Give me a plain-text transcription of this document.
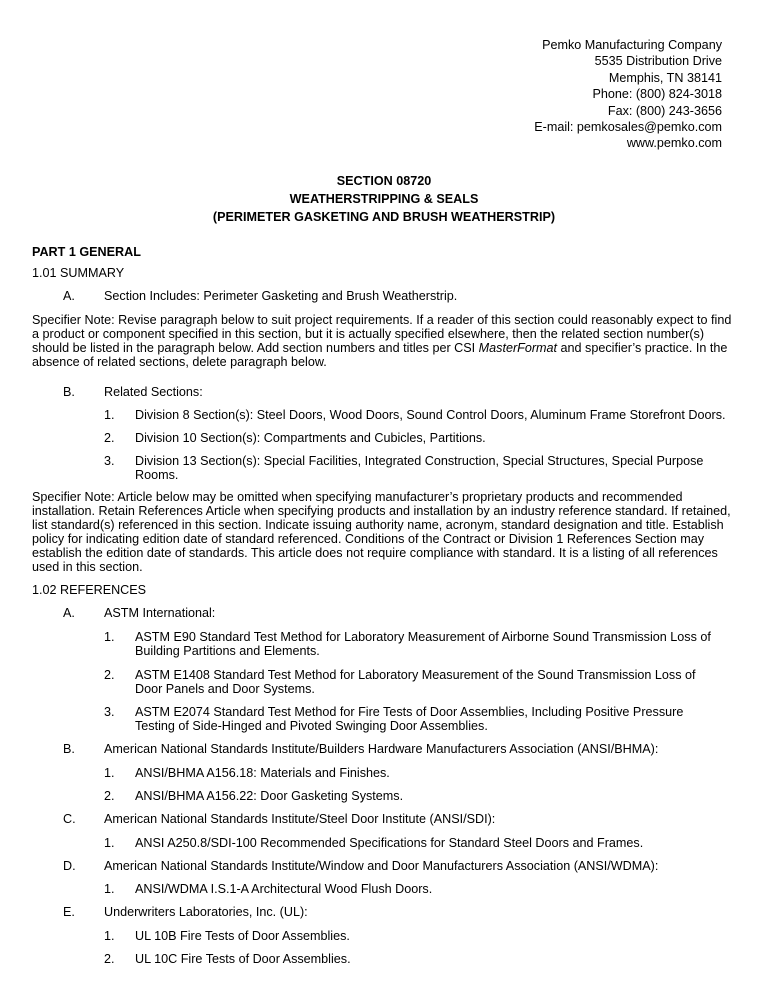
Pemko Manufacturing Company
5535 Distribution Drive
Memphis, TN 38141
Phone: (800) 824-3018
Fax: (800) 243-3656
E-mail: pemkosales@pemko.com
www.pemko.com
SECTION 08720
WEATHERSTRIPPING & SEALS
(PERIMETER GASKETING AND BRUSH WEATHERSTRIP)
PART 1 GENERAL
1.01 SUMMARY
A. Section Includes: Perimeter Gasketing and Brush Weatherstrip.
Specifier Note: Revise paragraph below to suit project requirements. If a reader of this section could reasonably expect to find a product or component specified in this section, but it is actually specified elsewhere, then the related section number(s) should be listed in the paragraph below. Add section numbers and titles per CSI MasterFormat and specifier’s practice. In the absence of related sections, delete paragraph below.
B. Related Sections:
1. Division 8 Section(s): Steel Doors, Wood Doors, Sound Control Doors, Aluminum Frame Storefront Doors.
2. Division 10 Section(s): Compartments and Cubicles, Partitions.
3. Division 13 Section(s): Special Facilities, Integrated Construction, Special Structures, Special Purpose Rooms.
Specifier Note: Article below may be omitted when specifying manufacturer’s proprietary products and recommended installation. Retain References Article when specifying products and installation by an industry reference standard. If retained, list standard(s) referenced in this section. Indicate issuing authority name, acronym, standard designation and title. Establish policy for indicating edition date of standard referenced. Conditions of the Contract or Division 1 References Section may establish the edition date of standards. This article does not require compliance with standard. It is a listing of all references used in this section.
1.02 REFERENCES
A. ASTM International:
1. ASTM E90 Standard Test Method for Laboratory Measurement of Airborne Sound Transmission Loss of Building Partitions and Elements.
2. ASTM E1408 Standard Test Method for Laboratory Measurement of the Sound Transmission Loss of Door Panels and Door Systems.
3. ASTM E2074 Standard Test Method for Fire Tests of Door Assemblies, Including Positive Pressure Testing of Side-Hinged and Pivoted Swinging Door Assemblies.
B. American National Standards Institute/Builders Hardware Manufacturers Association (ANSI/BHMA):
1. ANSI/BHMA A156.18: Materials and Finishes.
2. ANSI/BHMA A156.22: Door Gasketing Systems.
C. American National Standards Institute/Steel Door Institute (ANSI/SDI):
1. ANSI A250.8/SDI-100 Recommended Specifications for Standard Steel Doors and Frames.
D. American National Standards Institute/Window and Door Manufacturers Association (ANSI/WDMA):
1. ANSI/WDMA I.S.1-A Architectural Wood Flush Doors.
E. Underwriters Laboratories, Inc. (UL):
1. UL 10B Fire Tests of Door Assemblies.
2. UL 10C Fire Tests of Door Assemblies.
